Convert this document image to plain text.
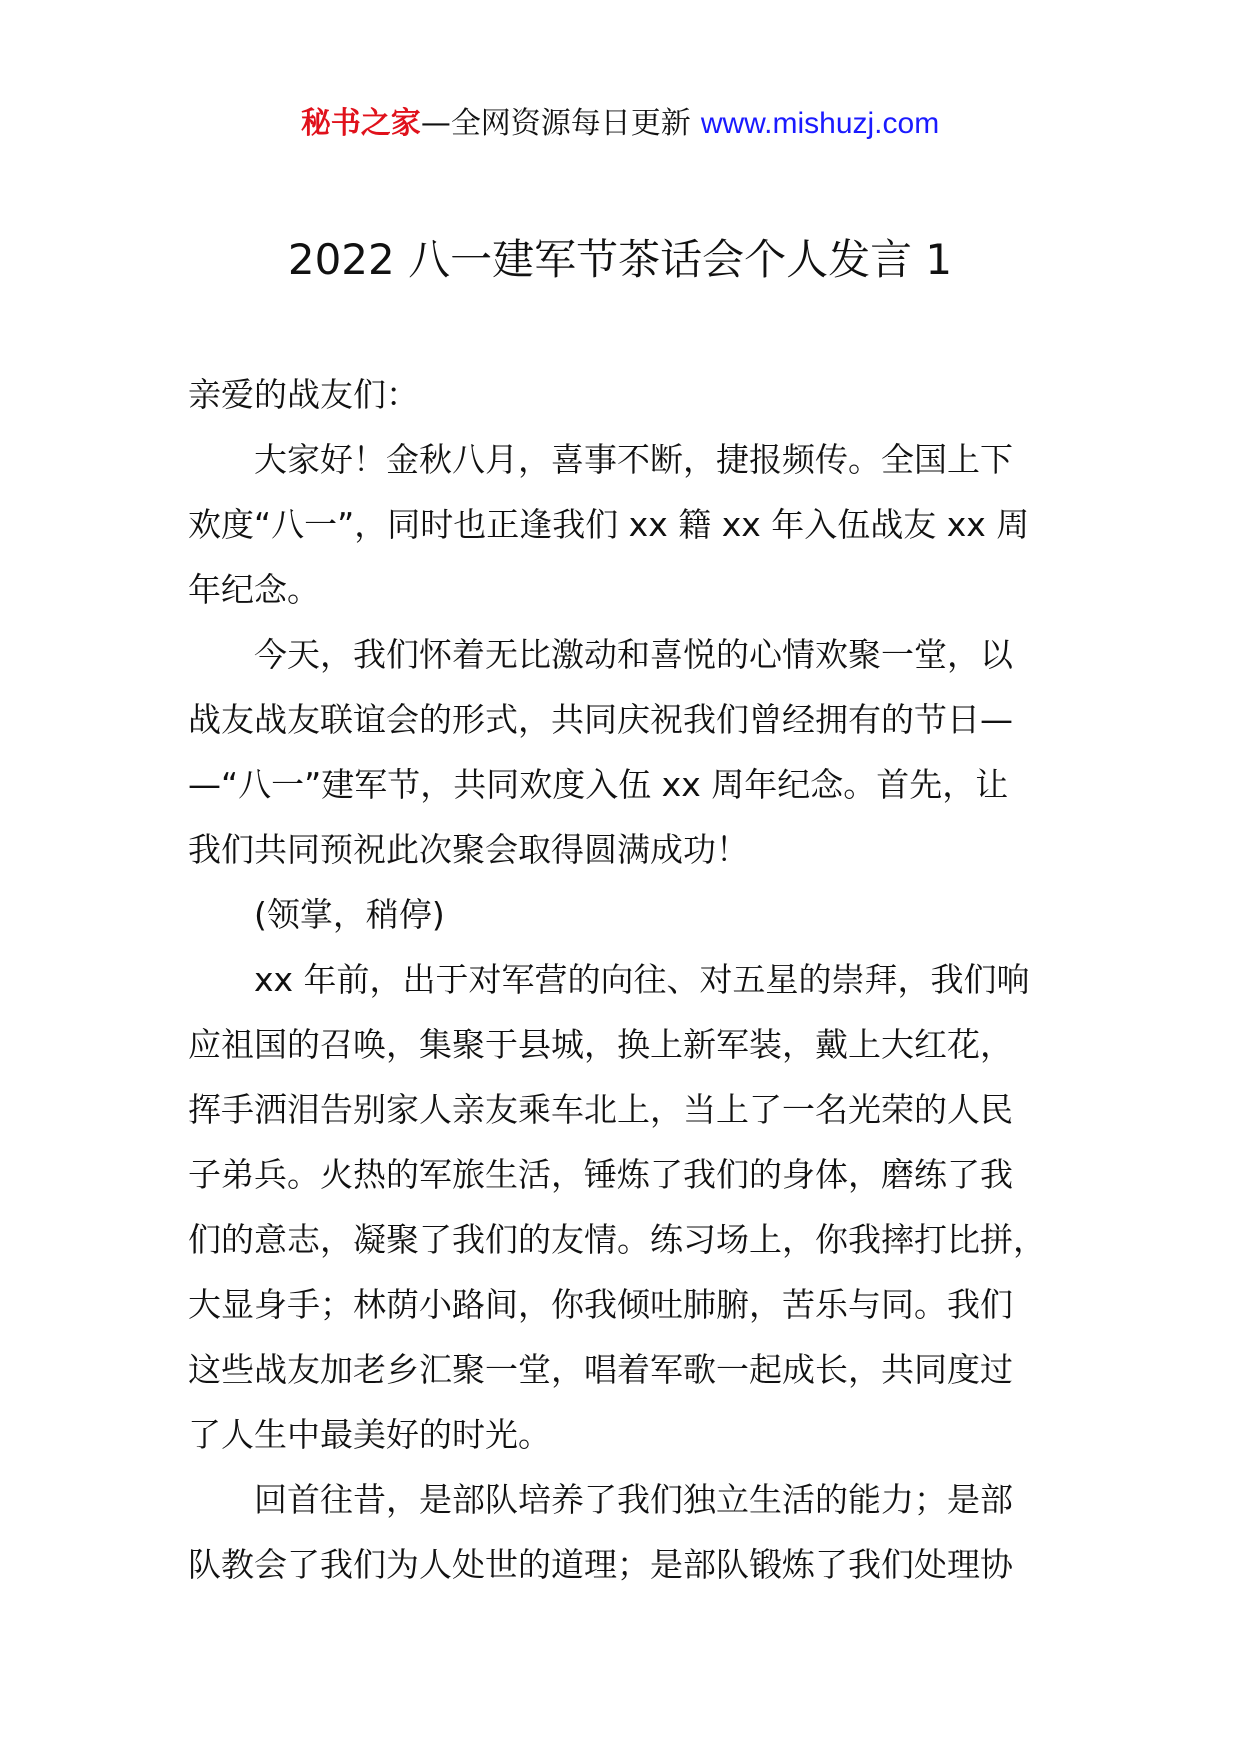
秘书之家—全网资源每日更新 www.mishuzj.com
2022 八一建军节茶话会个人发言 1
亲爱的战友们：
大家好！金秋八月，喜事不断，捷报频传。全国上下
欢度“八一”，同时也正逢我们 xx 籍 xx 年入伍战友 xx 周
年纪念。
今天，我们怀着无比激动和喜悦的心情欢聚一堂，以
战友战友联谊会的形式，共同庆祝我们曾经拥有的节日—
—“八一”建军节，共同欢度入伍 xx 周年纪念。首先，让
我们共同预祝此次聚会取得圆满成功！
(领掌，稍停)
xx 年前，出于对军营的向往、对五星的崇拜，我们响
应祖国的召唤，集聚于县城，换上新军装，戴上大红花，
挥手洒泪告别家人亲友乘车北上，当上了一名光荣的人民
子弟兵。火热的军旅生活，锤炼了我们的身体，磨练了我
们的意志，凝聚了我们的友情。练习场上，你我摔打比拼，
大显身手；林荫小路间，你我倾吐肺腑，苦乐与同。我们
这些战友加老乡汇聚一堂，唱着军歌一起成长，共同度过
了人生中最美好的时光。
回首往昔，是部队培养了我们独立生活的能力；是部
队教会了我们为人处世的道理；是部队锻炼了我们处理协
